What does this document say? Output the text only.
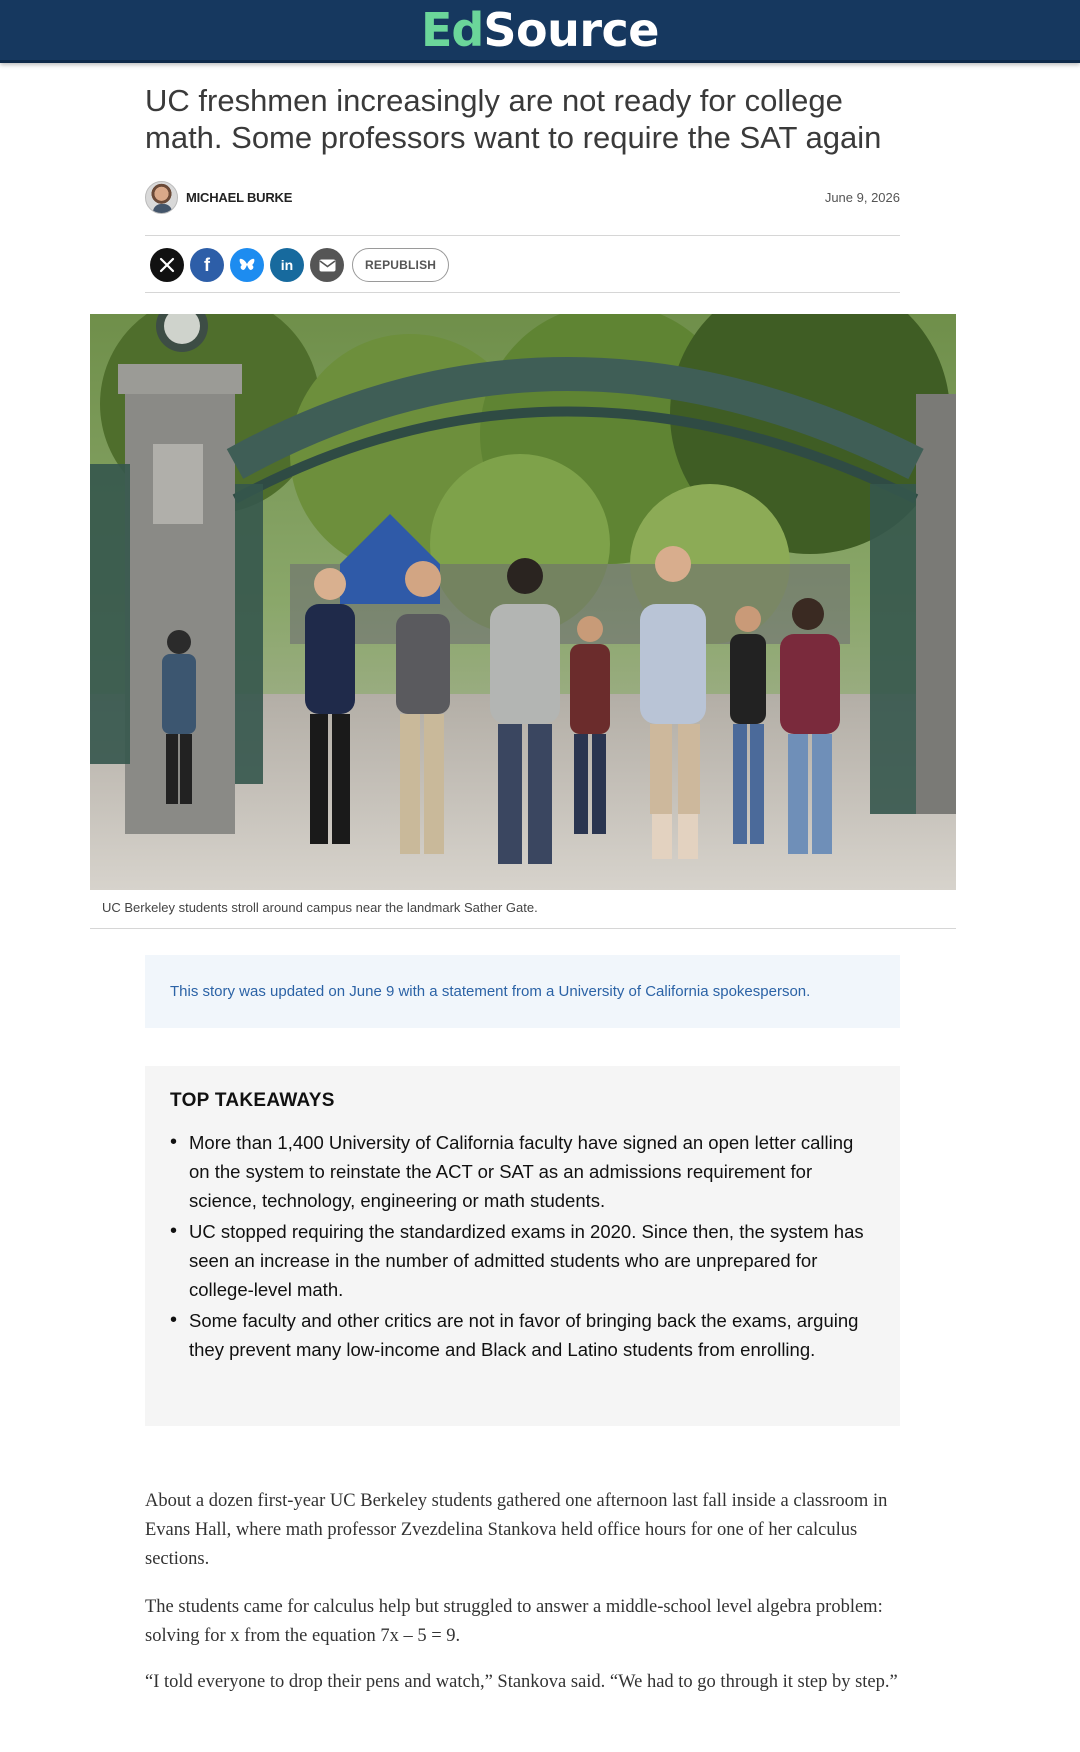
Ed Source
UC freshmen increasingly are not ready for college math. Some professors want to require the SAT again
MICHAEL BURKE	June 9, 2026
f	in	REPUBLISH
UC Berkeley students stroll around campus near the landmark Sather Gate.
This story was updated on June 9 with a statement from a University of California spokesperson.
TOP TAKEAWAYS
• More than 1,400 University of California faculty have signed an open letter calling on the system to reinstate the ACT or SAT as an admissions requirement for science, technology, engineering or math students.
• UC stopped requiring the standardized exams in 2020. Since then, the system has seen an increase in the number of admitted students who are unprepared for college-level math.
• Some faculty and other critics are not in favor of bringing back the exams, arguing they prevent many low-income and Black and Latino students from enrolling.

About a dozen first-year UC Berkeley students gathered one afternoon last fall inside a classroom in Evans Hall, where math professor Zvezdelina Stankova held office hours for one of her calculus sections.

The students came for calculus help but struggled to answer a middle-school level algebra problem: solving for x from the equation 7x – 5 = 9.

“I told everyone to drop their pens and watch,” Stankova said. “We had to go through it step by step.”
